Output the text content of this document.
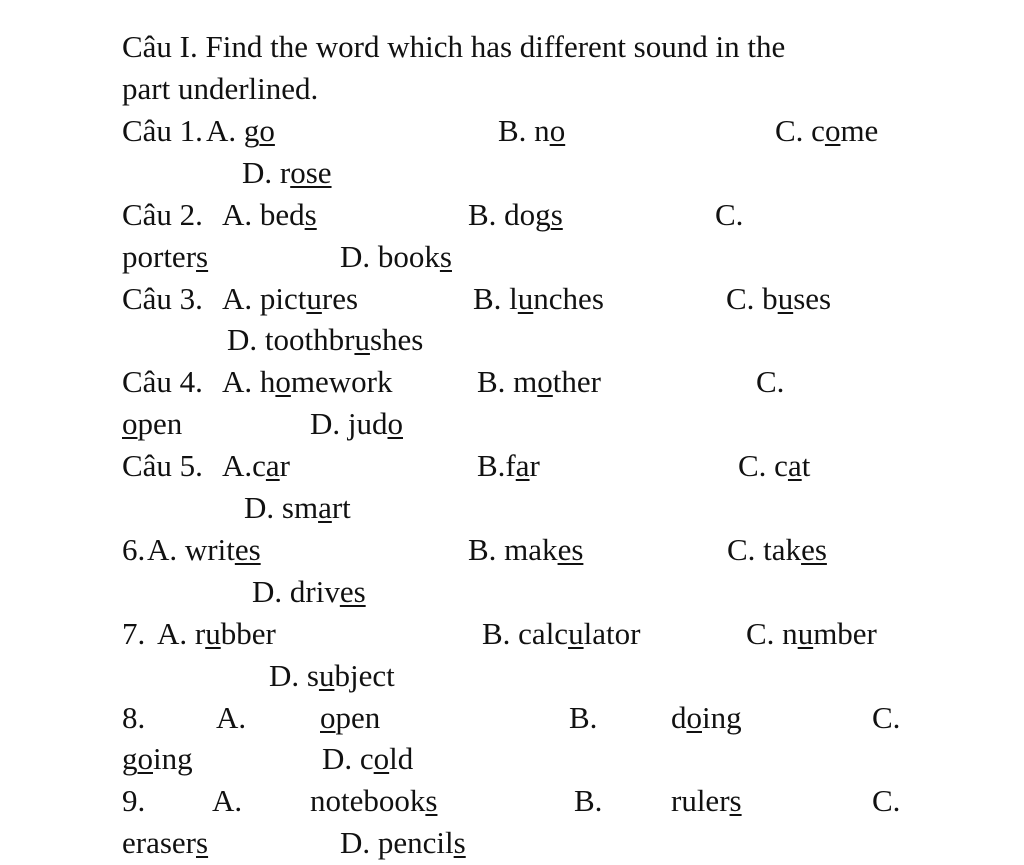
Câu I. Find the word which has different sound in the
part underlined.
Câu 1. A. go	B. no	C. come
D. rose
Câu 2. A. beds	B. dogs	C.
porters	D. books
Câu 3. A. pictures	B. lunches	C. buses
D. toothbrushes
Câu 4. A. homework	B. mother	C.
open	D. judo
Câu 5. A.car	B.far	C. cat
D. smart
6. A. writes	B. makes	C. takes
D. drives
7. A. rubber	B. calculator	C. number
D. subject
8. A. open	B. doing	C.
going	D. cold
9. A. notebooks	B. rulers	C.
erasers	D. pencils
